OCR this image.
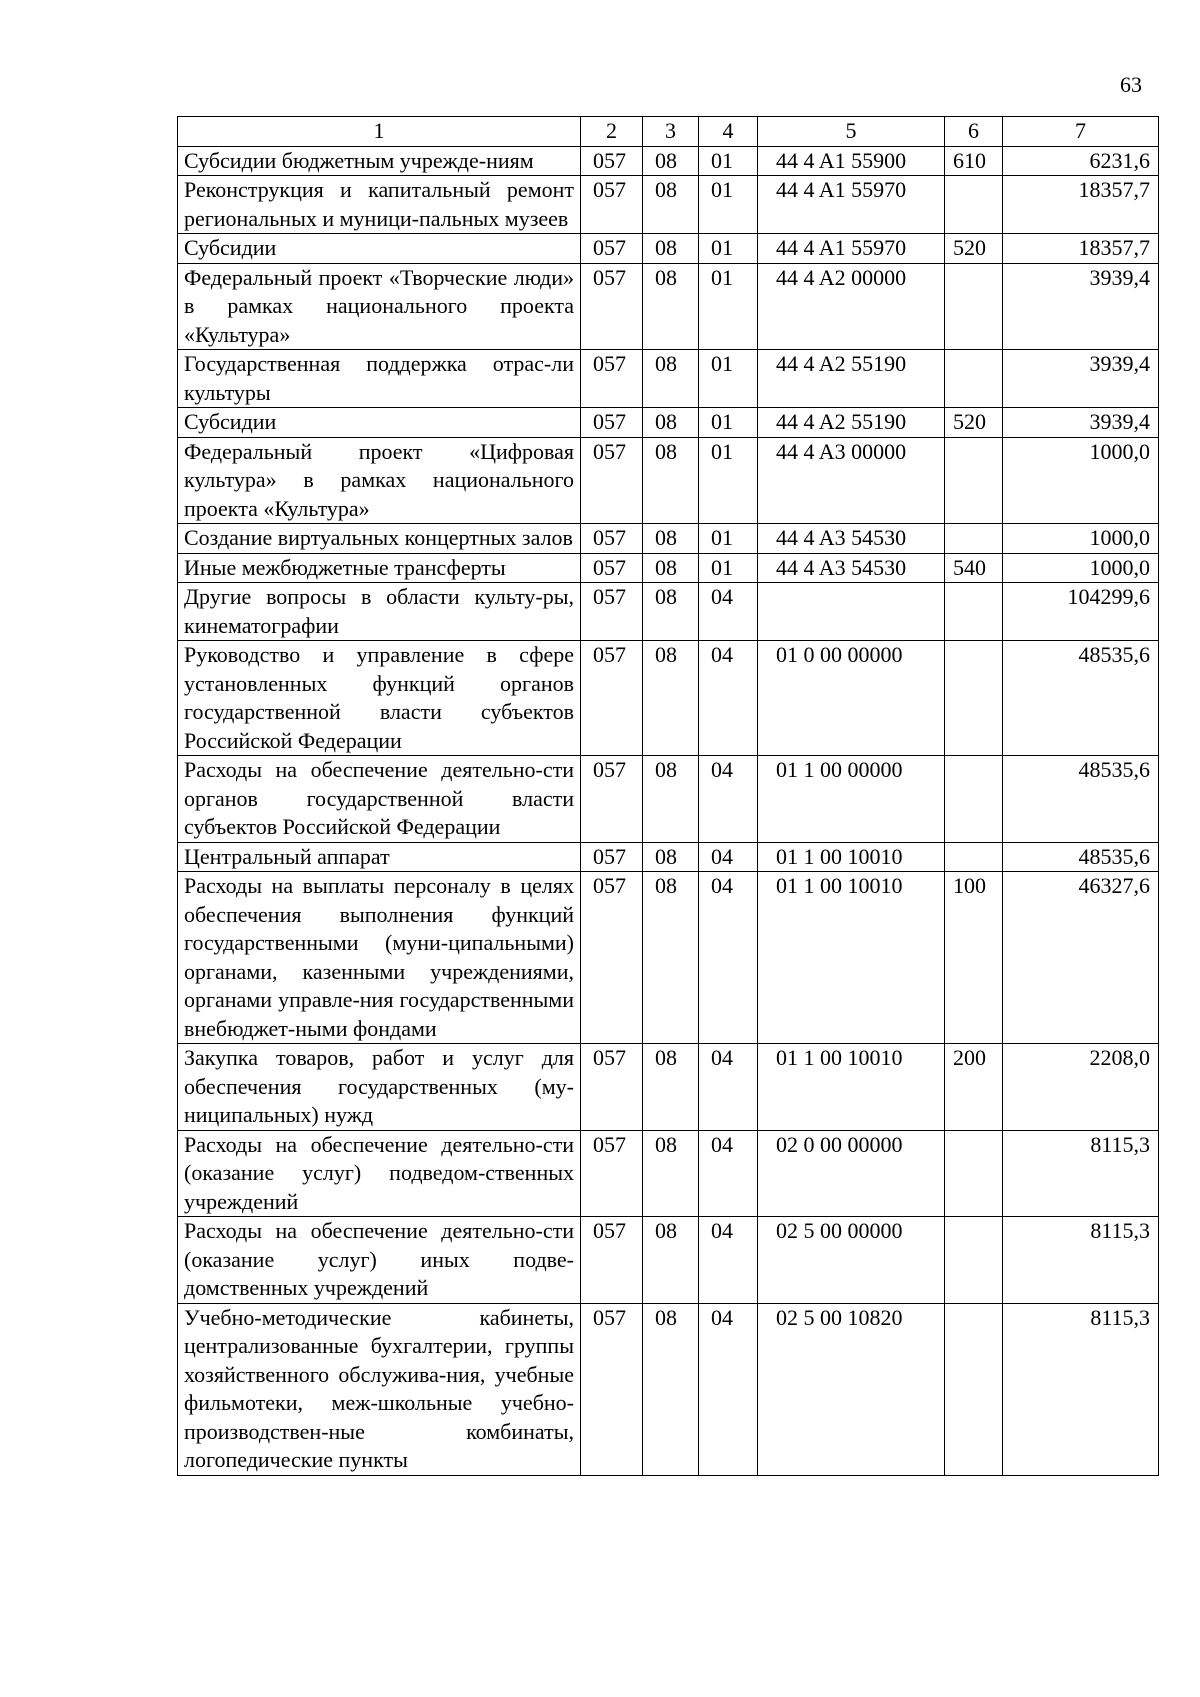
63
1	2	3	4	5	6	7
Субсидии бюджетным учрежде-ниям	057	08	01	44 4 A1 55900	610	6231,6
Реконструкция и капитальный ремонт региональных и муници-пальных музеев	057	08	01	44 4 A1 55970		18357,7
Субсидии	057	08	01	44 4 A1 55970	520	18357,7
Федеральный проект «Творческие люди» в рамках национального проекта «Культура»	057	08	01	44 4 A2 00000		3939,4
Государственная поддержка отрас-ли культуры	057	08	01	44 4 A2 55190		3939,4
Субсидии	057	08	01	44 4 A2 55190	520	3939,4
Федеральный проект «Цифровая культура» в рамках национального проекта «Культура»	057	08	01	44 4 A3 00000		1000,0
Создание виртуальных концертных залов	057	08	01	44 4 A3 54530		1000,0
Иные межбюджетные трансферты	057	08	01	44 4 A3 54530	540	1000,0
Другие вопросы в области культу-ры, кинематографии	057	08	04			104299,6
Руководство и управление в сфере установленных функций органов государственной власти субъектов Российской Федерации	057	08	04	01 0 00 00000		48535,6
Расходы на обеспечение деятельно-сти органов государственной власти субъектов Российской Федерации	057	08	04	01 1 00 00000		48535,6
Центральный аппарат	057	08	04	01 1 00 10010		48535,6
Расходы на выплаты персоналу в целях обеспечения выполнения функций государственными (муни-ципальными) органами, казенными учреждениями, органами управле-ния государственными внебюджет-ными фондами	057	08	04	01 1 00 10010	100	46327,6
Закупка товаров, работ и услуг для обеспечения государственных (му-ниципальных) нужд	057	08	04	01 1 00 10010	200	2208,0
Расходы на обеспечение деятельно-сти (оказание услуг) подведом-ственных учреждений	057	08	04	02 0 00 00000		8115,3
Расходы на обеспечение деятельно-сти (оказание услуг) иных подве-домственных учреждений	057	08	04	02 5 00 00000		8115,3
Учебно-методические кабинеты, централизованные бухгалтерии, группы хозяйственного обслужива-ния, учебные фильмотеки, меж-школьные учебно-производствен-ные комбинаты, логопедические пункты	057	08	04	02 5 00 10820		8115,3
